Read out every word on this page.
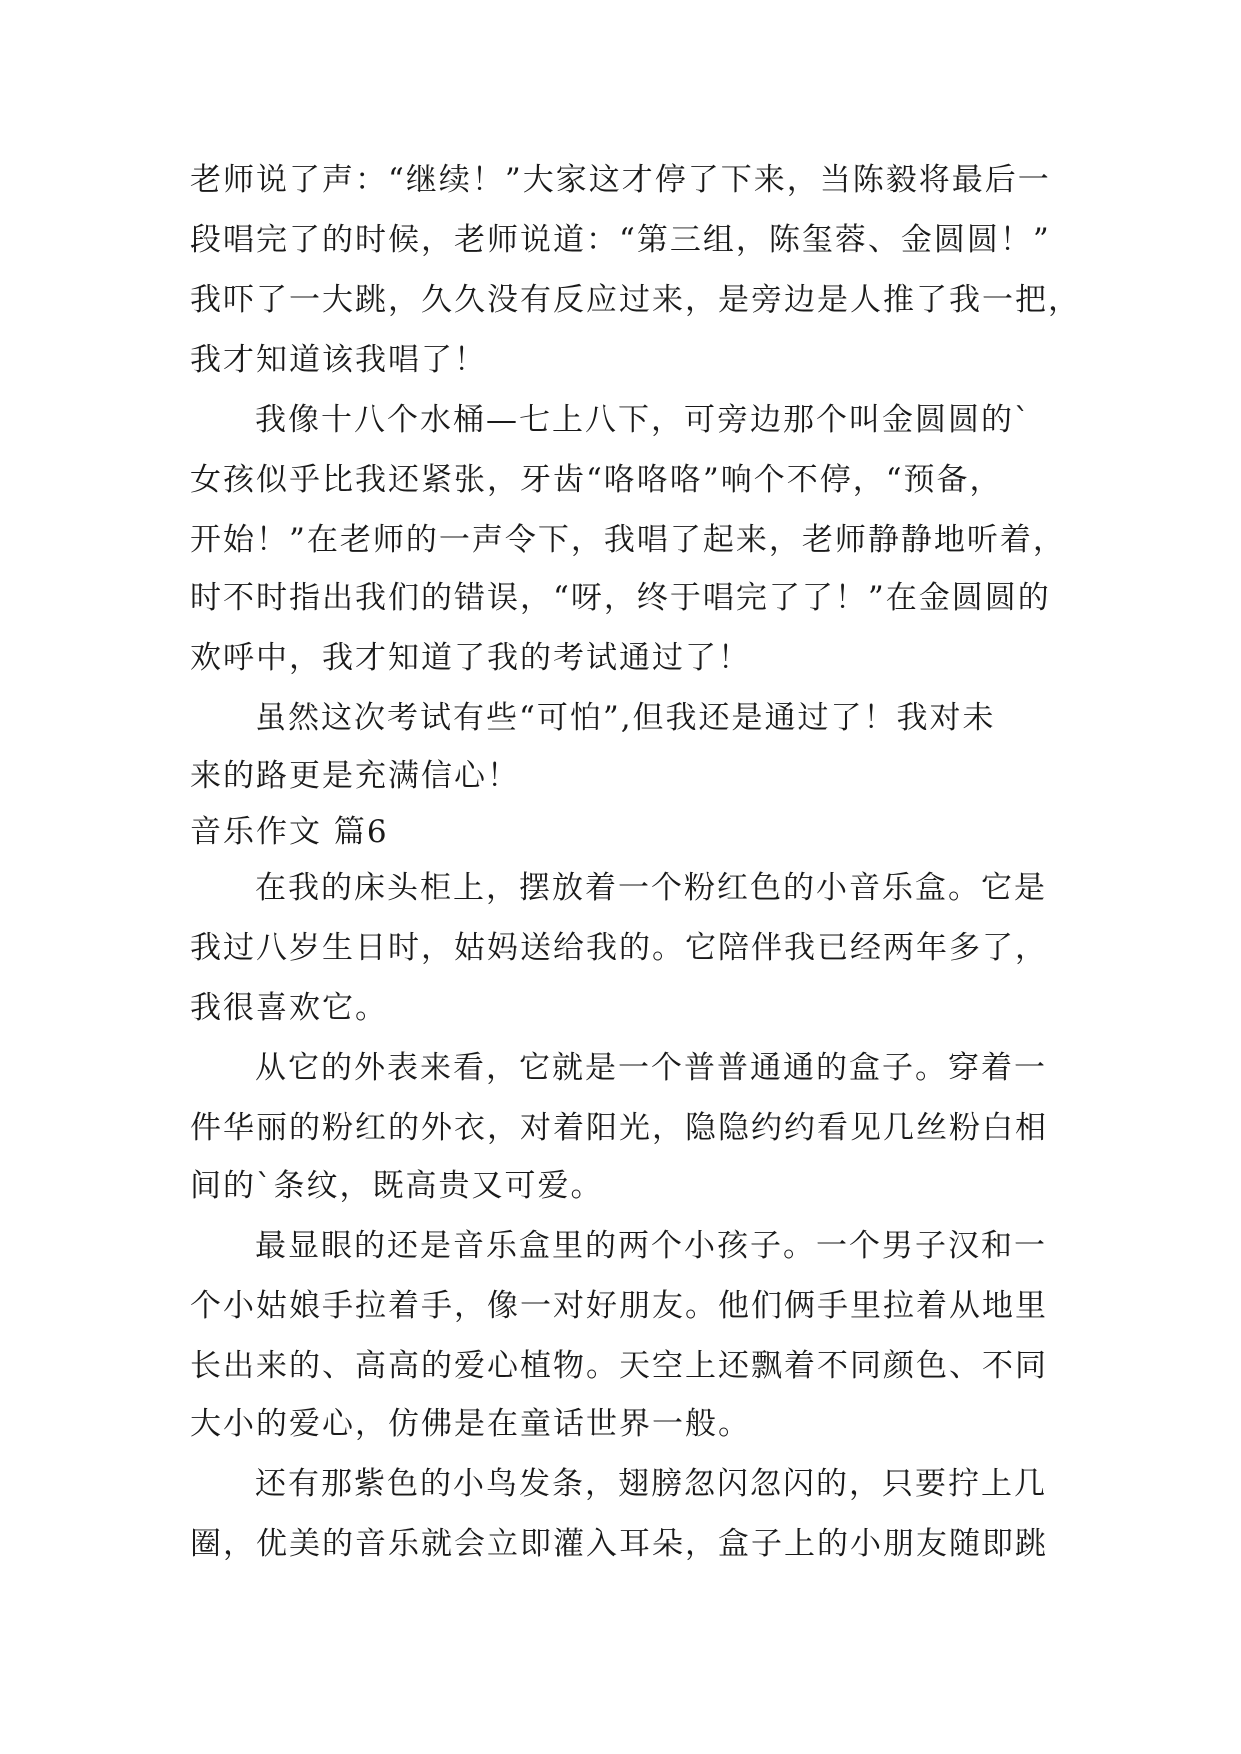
老师说了声：“继续！”大家这才停了下来，当陈毅将最后一
段唱完了的时候，老师说道：“第三组，陈玺蓉、金圆圆！”
我吓了一大跳，久久没有反应过来，是旁边是人推了我一把，
我才知道该我唱了！
我像十八个水桶—七上八下，可旁边那个叫金圆圆的`
女孩似乎比我还紧张，牙齿“咯咯咯”响个不停，“预备，
开始！”在老师的一声令下，我唱了起来，老师静静地听着，
时不时指出我们的错误，“呀，终于唱完了了！”在金圆圆的
欢呼中，我才知道了我的考试通过了！
虽然这次考试有些“可怕”,但我还是通过了！我对未
来的路更是充满信心！
音乐作文 篇6
在我的床头柜上，摆放着一个粉红色的小音乐盒。它是
我过八岁生日时，姑妈送给我的。它陪伴我已经两年多了，
我很喜欢它。
从它的外表来看，它就是一个普普通通的盒子。穿着一
件华丽的粉红的外衣，对着阳光，隐隐约约看见几丝粉白相
间的`条纹，既高贵又可爱。
最显眼的还是音乐盒里的两个小孩子。一个男子汉和一
个小姑娘手拉着手，像一对好朋友。他们俩手里拉着从地里
长出来的、高高的爱心植物。天空上还飘着不同颜色、不同
大小的爱心，仿佛是在童话世界一般。
还有那紫色的小鸟发条，翅膀忽闪忽闪的，只要拧上几
圈，优美的音乐就会立即灌入耳朵，盒子上的小朋友随即跳
